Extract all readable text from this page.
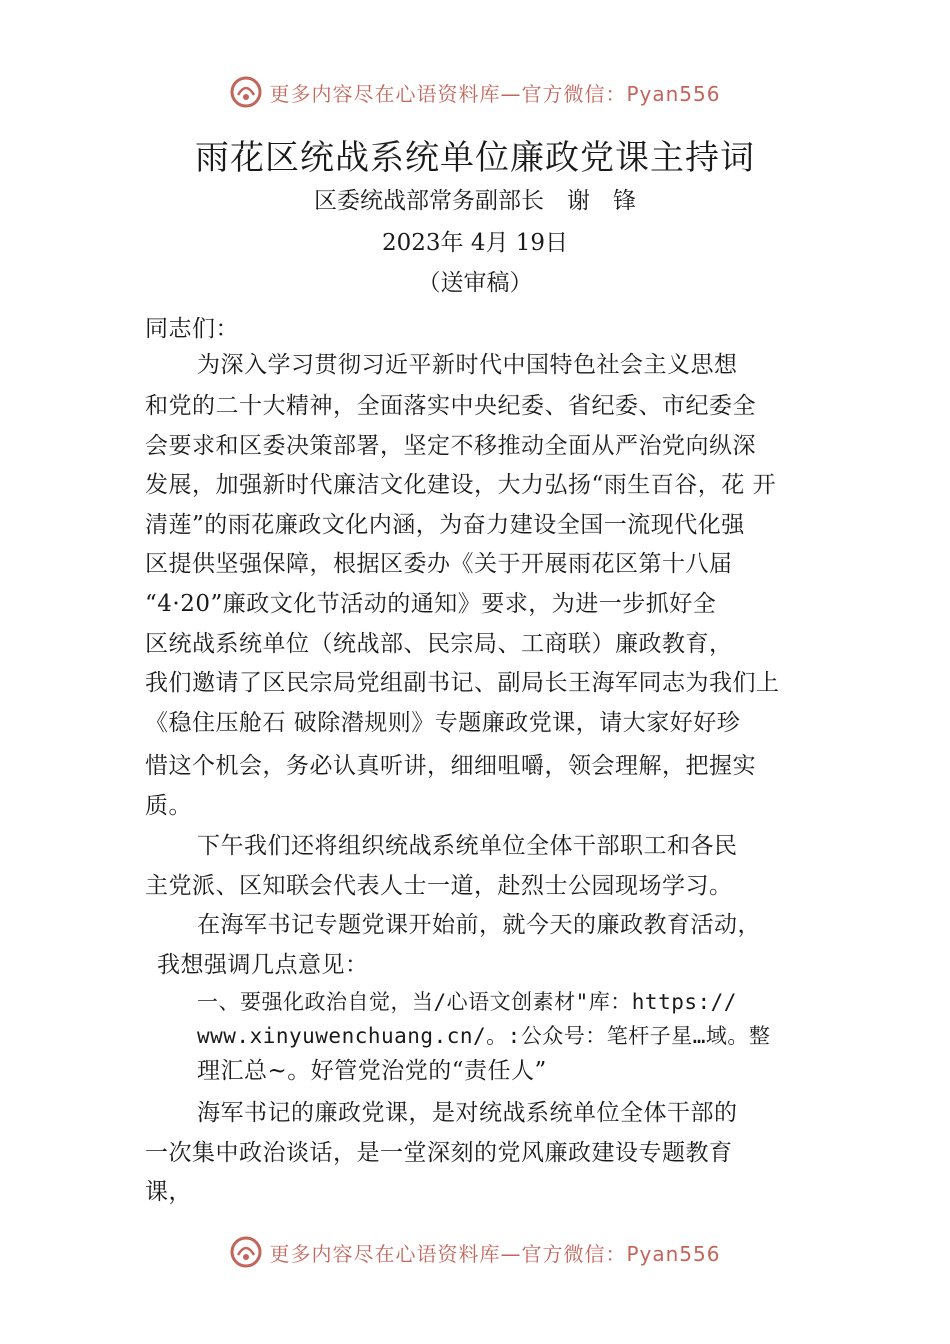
更多内容尽在心语资料库—官方微信：Pyan556
雨花区统战系统单位廉政党课主持词
区委统战部常务副部长　谢　锋
2023年 4月 19日
（送审稿）
同志们：
为深入学习贯彻习近平新时代中国特色社会主义思想
和党的二十大精神，全面落实中央纪委、省纪委、市纪委全
会要求和区委决策部署，坚定不移推动全面从严治党向纵深
发展，加强新时代廉洁文化建设，大力弘扬“雨生百谷，花 开
清莲”的雨花廉政文化内涵，为奋力建设全国一流现代化强
区提供坚强保障，根据区委办《关于开展雨花区第十八届
“4·20”廉政文化节活动的通知》要求，为进一步抓好全
区统战系统单位（统战部、民宗局、工商联）廉政教育，
我们邀请了区民宗局党组副书记、副局长王海军同志为我们上
《稳住压舱石 破除潜规则》专题廉政党课，请大家好好珍
惜这个机会，务必认真听讲，细细咀嚼，领会理解，把握实
质。
下午我们还将组织统战系统单位全体干部职工和各民
主党派、区知联会代表人士一道，赴烈士公园现场学习。
在海军书记专题党课开始前，就今天的廉政教育活动，
我想强调几点意见：
一、要强化政治自觉，当/心语文创素材"库：https://
www.xinyuwenchuang.cn/。:公众号：笔杆子星…域。整
理汇总~。好管党治党的“责任人”
海军书记的廉政党课，是对统战系统单位全体干部的
一次集中政治谈话，是一堂深刻的党风廉政建设专题教育
课，
更多内容尽在心语资料库—官方微信：Pyan556
